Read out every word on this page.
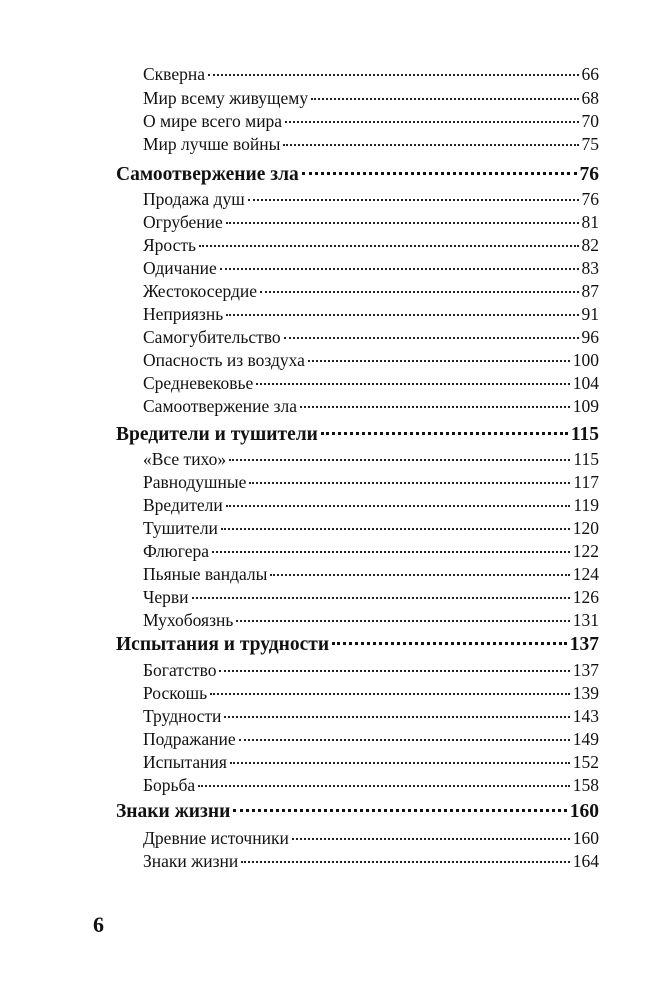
Скверна	66
Мир всему живущему	68
О мире всего мира	70
Мир лучше войны	75
Самоотвержение зла	76
Продажа душ	76
Огрубение	81
Ярость	82
Одичание	83
Жестокосердие	87
Неприязнь	91
Самогубительство	96
Опасность из воздуха	100
Средневековье	104
Самоотвержение зла	109
Вредители и тушители	115
«Все тихо»	115
Равнодушные	117
Вредители	119
Тушители	120
Флюгера	122
Пьяные вандалы	124
Черви	126
Мухобоязнь	131
Испытания и трудности	137
Богатство	137
Роскошь	139
Трудности	143
Подражание	149
Испытания	152
Борьба	158
Знаки жизни	160
Древние источники	160
Знаки жизни	164
6
